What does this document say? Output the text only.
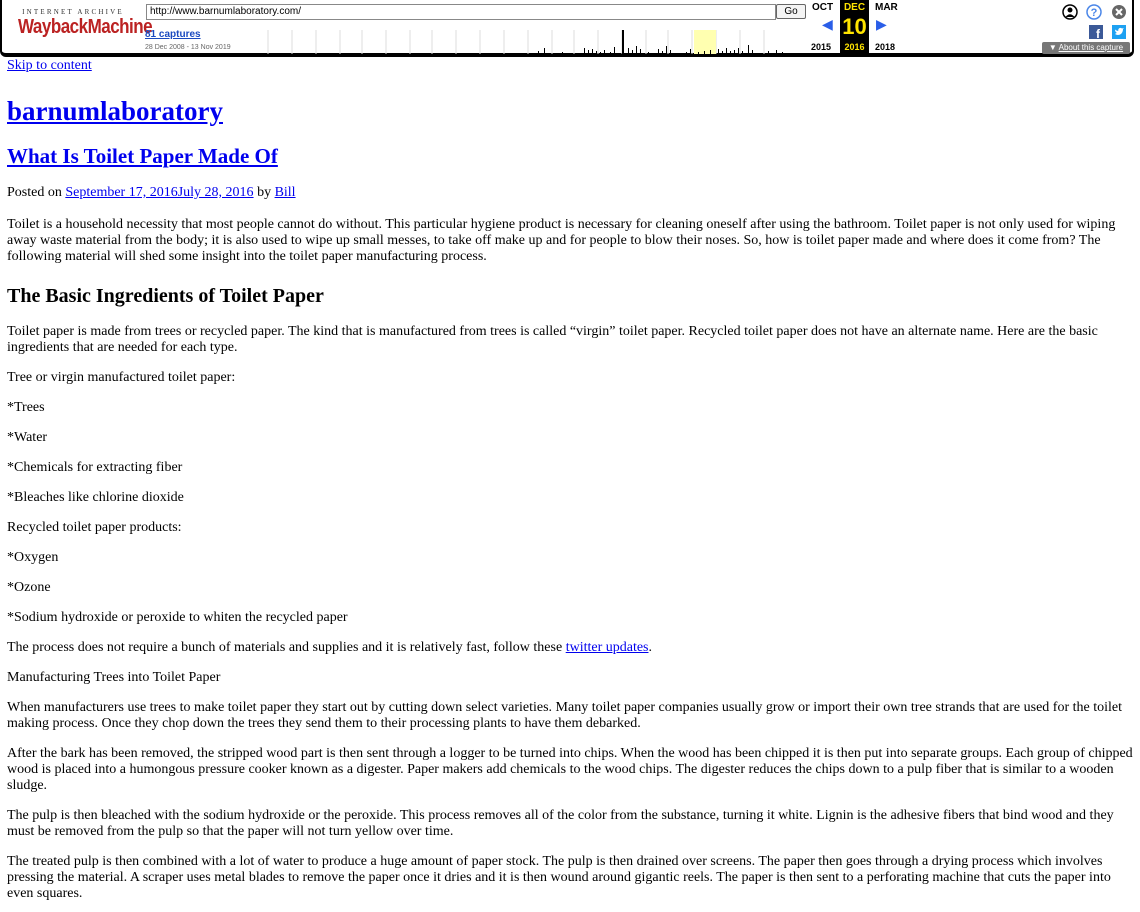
INTERNET ARCHIVE
WaybackMachine
http://www.barnumlaboratory.com/	Go
81 captures
28 Dec 2008 - 13 Nov 2019
OCT	DEC
10
2016
MAR
◀	▶
2015	2018
?
f
▼ About this capture
Skip to content
barnumlaboratory
What Is Toilet Paper Made Of

Posted on September 17, 2016July 28, 2016 by Bill

Toilet is a household necessity that most people cannot do without. This particular hygiene product is necessary for cleaning oneself after using the bathroom. Toilet paper is not only used for wiping away waste material from the body; it is also used to wipe up small messes, to take off make up and for people to blow their noses. So, how is toilet paper made and where does it come from? The following material will shed some insight into the toilet paper manufacturing process.

The Basic Ingredients of Toilet Paper

Toilet paper is made from trees or recycled paper. The kind that is manufactured from trees is called “virgin” toilet paper. Recycled toilet paper does not have an alternate name. Here are the basic ingredients that are needed for each type.

Tree or virgin manufactured toilet paper:

*Trees

*Water

*Chemicals for extracting fiber

*Bleaches like chlorine dioxide

Recycled toilet paper products:

*Oxygen

*Ozone

*Sodium hydroxide or peroxide to whiten the recycled paper

The process does not require a bunch of materials and supplies and it is relatively fast, follow these twitter updates.

Manufacturing Trees into Toilet Paper

When manufacturers use trees to make toilet paper they start out by cutting down select varieties. Many toilet paper companies usually grow or import their own tree strands that are used for the toilet making process. Once they chop down the trees they send them to their processing plants to have them debarked.

After the bark has been removed, the stripped wood part is then sent through a logger to be turned into chips. When the wood has been chipped it is then put into separate groups. Each group of chipped wood is placed into a humongous pressure cooker known as a digester. Paper makers add chemicals to the wood chips. The digester reduces the chips down to a pulp fiber that is similar to a wooden sludge.

The pulp is then bleached with the sodium hydroxide or the peroxide. This process removes all of the color from the substance, turning it white. Lignin is the adhesive fibers that bind wood and they must be removed from the pulp so that the paper will not turn yellow over time.

The treated pulp is then combined with a lot of water to produce a huge amount of paper stock. The pulp is then drained over screens. The paper then goes through a drying process which involves pressing the material. A scraper uses metal blades to remove the paper once it dries and it is then wound around gigantic reels. The paper is then sent to a perforating machine that cuts the paper into even squares.
